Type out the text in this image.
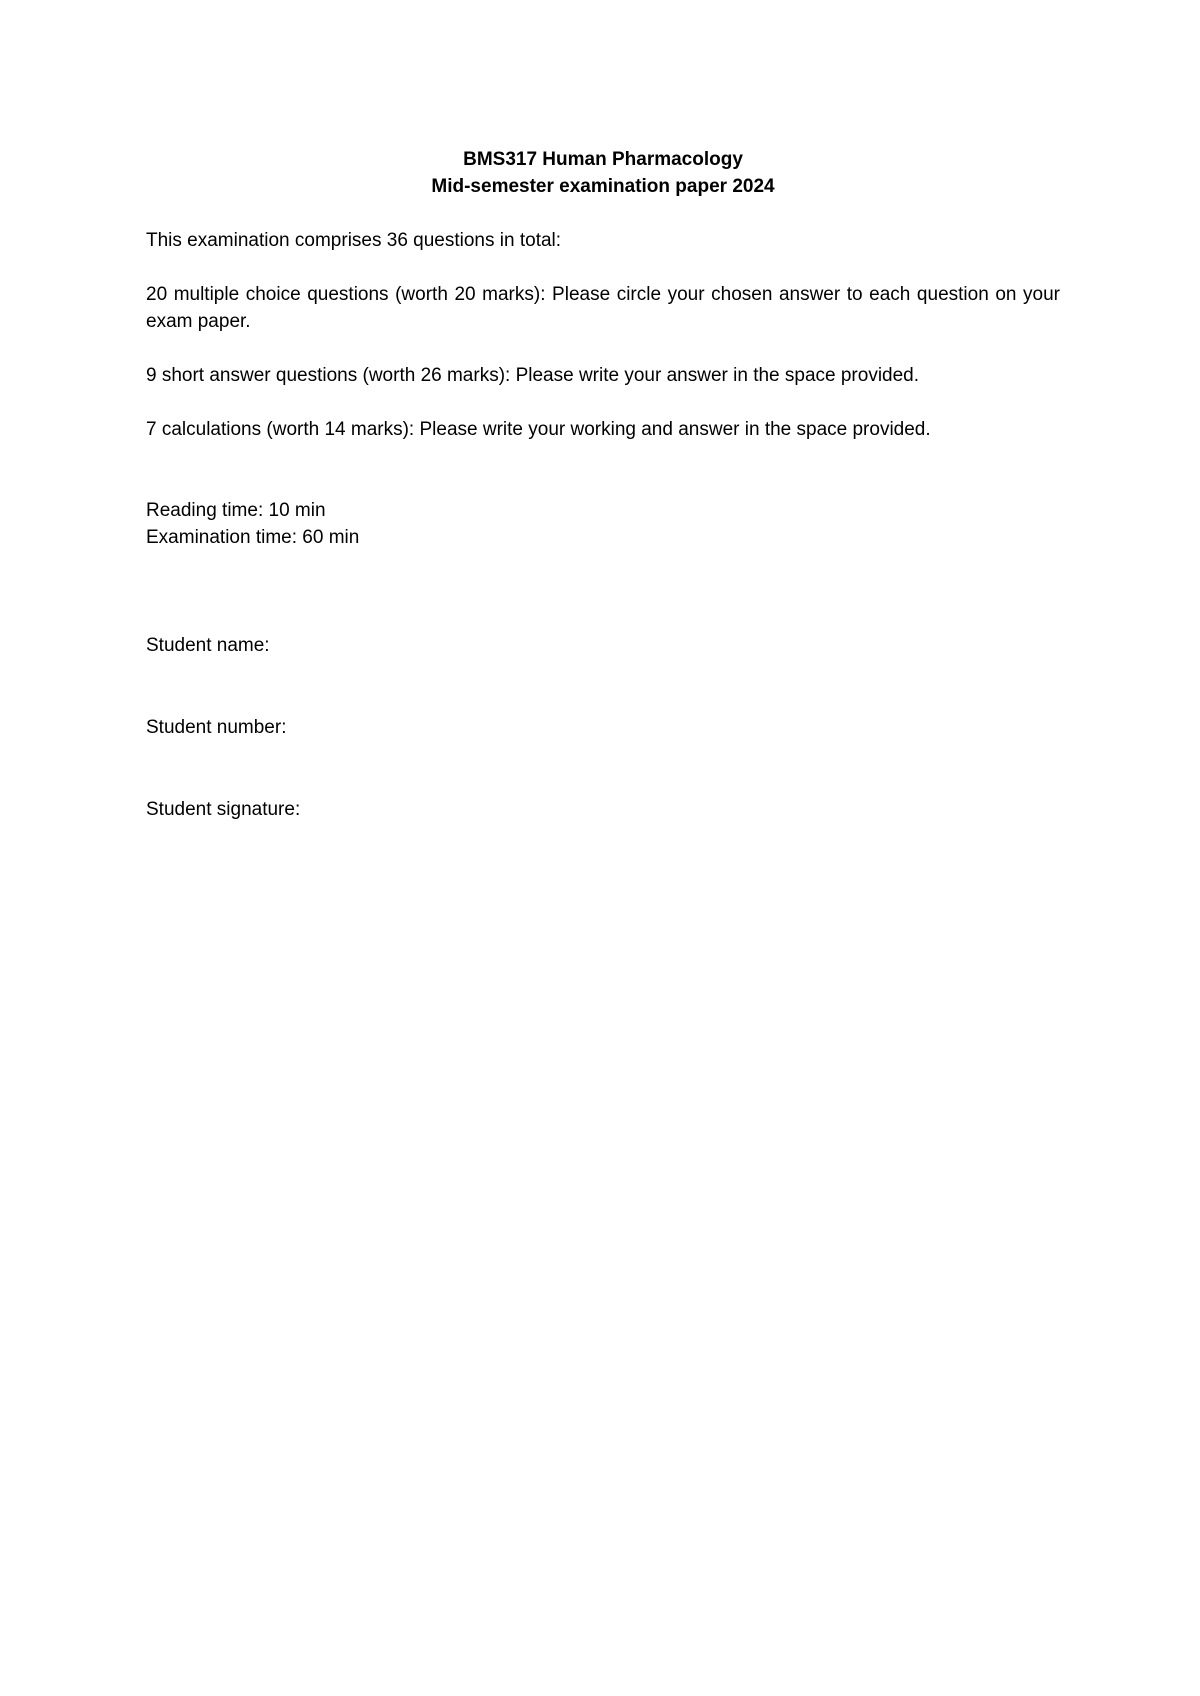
BMS317 Human Pharmacology
Mid-semester examination paper 2024

This examination comprises 36 questions in total:

20 multiple choice questions (worth 20 marks): Please circle your chosen answer to each question on your exam paper.

9 short answer questions (worth 26 marks): Please write your answer in the space provided.

7 calculations (worth 14 marks): Please write your working and answer in the space provided.

Reading time: 10 min
Examination time: 60 min
Student name:
Student number:
Student signature:
